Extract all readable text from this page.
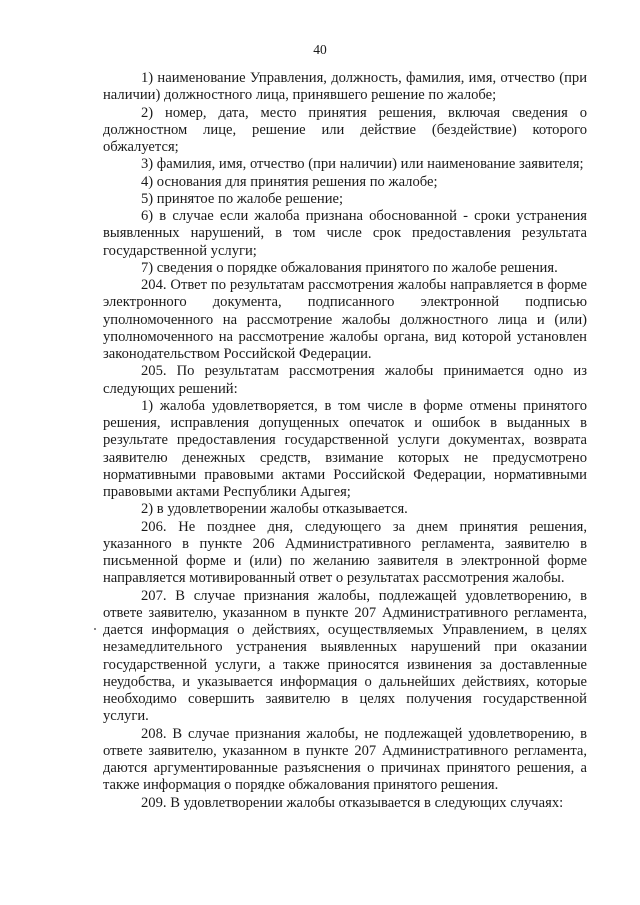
40

1) наименование Управления, должность, фамилия, имя, отчество (при наличии) должностного лица, принявшего решение по жалобе;

2) номер, дата, место принятия решения, включая сведения о должностном лице, решение или действие (бездействие) которого обжалуется;

3) фамилия, имя, отчество (при наличии) или наименование заявителя;

4) основания для принятия решения по жалобе;

5) принятое по жалобе решение;

6) в случае если жалоба признана обоснованной - сроки устранения выявленных нарушений, в том числе срок предоставления результата государственной услуги;

7) сведения о порядке обжалования принятого по жалобе решения.

204. Ответ по результатам рассмотрения жалобы направляется в форме электронного документа, подписанного электронной подписью уполномоченного на рассмотрение жалобы должностного лица и (или) уполномоченного на рассмотрение жалобы органа, вид которой установлен законодательством Российской Федерации.

205. По результатам рассмотрения жалобы принимается одно из следующих решений:

1) жалоба удовлетворяется, в том числе в форме отмены принятого решения, исправления допущенных опечаток и ошибок в выданных в результате предоставления государственной услуги документах, возврата заявителю денежных средств, взимание которых не предусмотрено нормативными правовыми актами Российской Федерации, нормативными правовыми актами Республики Адыгея;

2) в удовлетворении жалобы отказывается.

206. Не позднее дня, следующего за днем принятия решения, указанного в пункте 206 Административного регламента, заявителю в письменной форме и (или) по желанию заявителя в электронной форме направляется мотивированный ответ о результатах рассмотрения жалобы.

207. В случае признания жалобы, подлежащей удовлетворению, в ответе заявителю, указанном в пункте 207 Административного регламента, дается информация о действиях, осуществляемых Управлением, в целях незамедлительного устранения выявленных нарушений при оказании государственной услуги, а также приносятся извинения за доставленные неудобства, и указывается информация о дальнейших действиях, которые необходимо совершить заявителю в целях получения государственной услуги.

208. В случае признания жалобы, не подлежащей удовлетворению, в ответе заявителю, указанном в пункте 207 Административного регламента, даются аргументированные разъяснения о причинах принятого решения, а также информация о порядке обжалования принятого решения.

209. В удовлетворении жалобы отказывается в следующих случаях:
